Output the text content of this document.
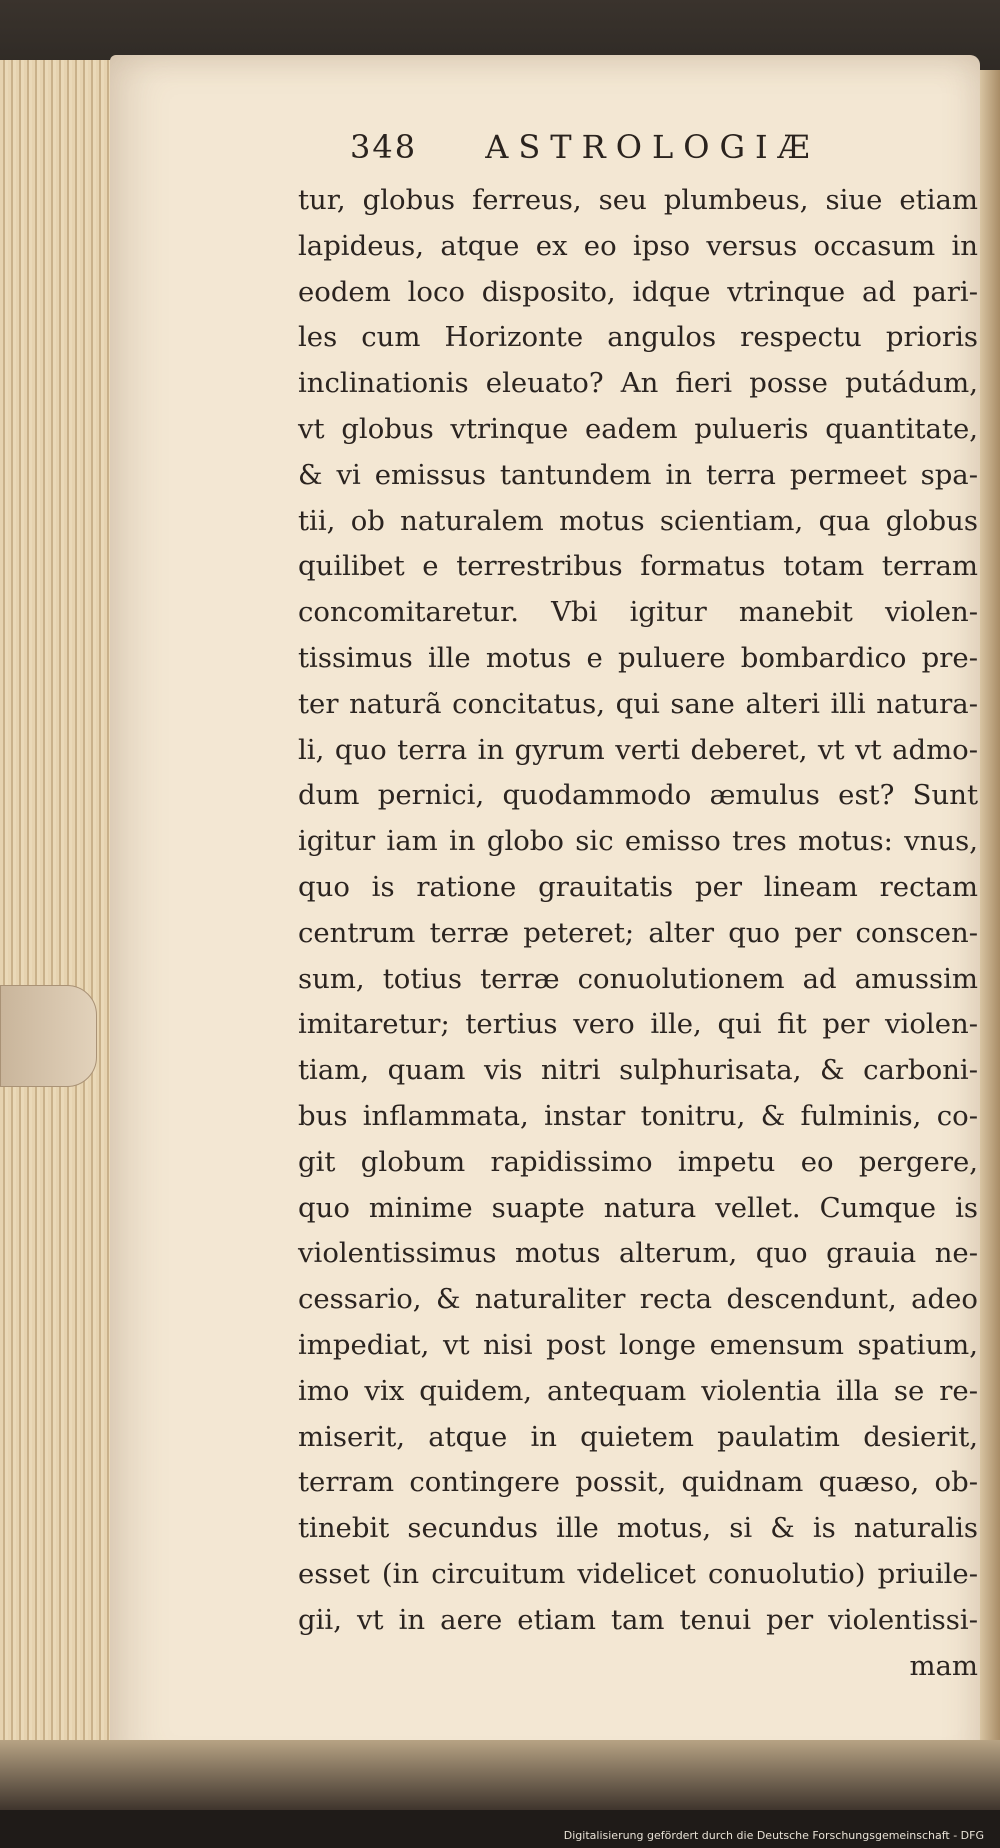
348 ASTROLOGIÆ
tur, globus ferreus, seu plumbeus, siue etiam
lapideus, atque ex eo ipso versus occasum in
eodem loco disposito, idque vtrinque ad pari-
les cum Horizonte angulos respectu prioris
inclinationis eleuato? An fieri posse putádum,
vt globus vtrinque eadem pulueris quantitate,
& vi emissus tantundem in terra permeet spa-
tii, ob naturalem motus scientiam, qua globus
quilibet e terrestribus formatus totam terram
concomitaretur. Vbi igitur manebit violen-
tissimus ille motus e puluere bombardico pre-
ter naturã concitatus, qui sane alteri illi natura-
li, quo terra in gyrum verti deberet, vt vt admo-
dum pernici, quodammodo æmulus est? Sunt
igitur iam in globo sic emisso tres motus: vnus,
quo is ratione grauitatis per lineam rectam
centrum terræ peteret; alter quo per conscen-
sum, totius terræ conuolutionem ad amussim
imitaretur; tertius vero ille, qui fit per violen-
tiam, quam vis nitri sulphurisata, & carboni-
bus inflammata, instar tonitru, & fulminis, co-
git globum rapidissimo impetu eo pergere,
quo minime suapte natura vellet. Cumque is
violentissimus motus alterum, quo grauia ne-
cessario, & naturaliter recta descendunt, adeo
impediat, vt nisi post longe emensum spatium,
imo vix quidem, antequam violentia illa se re-
miserit, atque in quietem paulatim desierit,
terram contingere possit, quidnam quæso, ob-
tinebit secundus ille motus, si & is naturalis
esset (in circuitum videlicet conuolutio) priuile-
gii, vt in aere etiam tam tenui per violentissi-
mam
Digitalisierung gefördert durch die Deutsche Forschungsgemeinschaft - DFG
